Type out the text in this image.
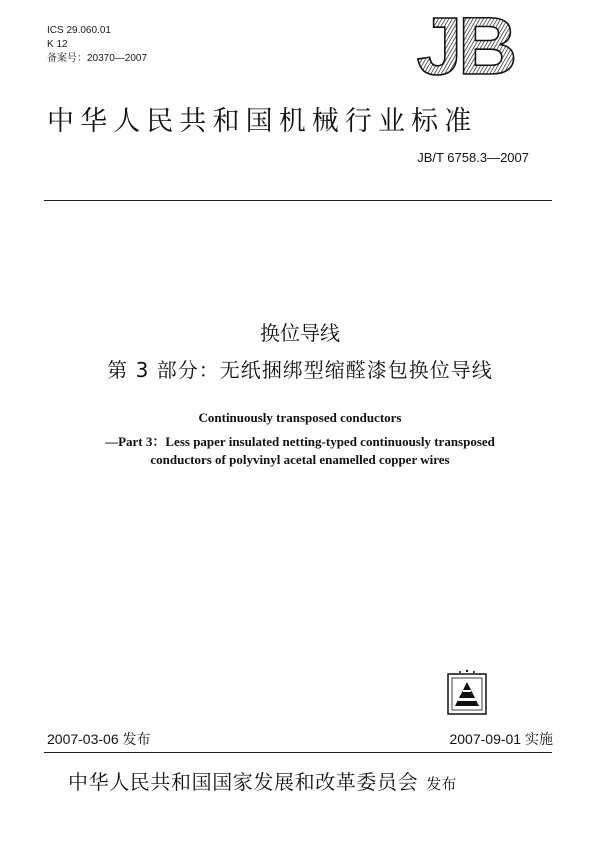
ICS 29.060.01
K 12
备案号：20370—2007	JB
中华人民共和国机械行业标准
JB/T 6758.3—2007
换位导线
第 3 部分：无纸捆绑型缩醛漆包换位导线
Continuously transposed conductors
—Part 3：Less paper insulated netting-typed continuously transposed
conductors of polyvinyl acetal enamelled copper wires
2007-03-06 发布	2007-09-01 实施
中华人民共和国国家发展和改革委员会 发布
